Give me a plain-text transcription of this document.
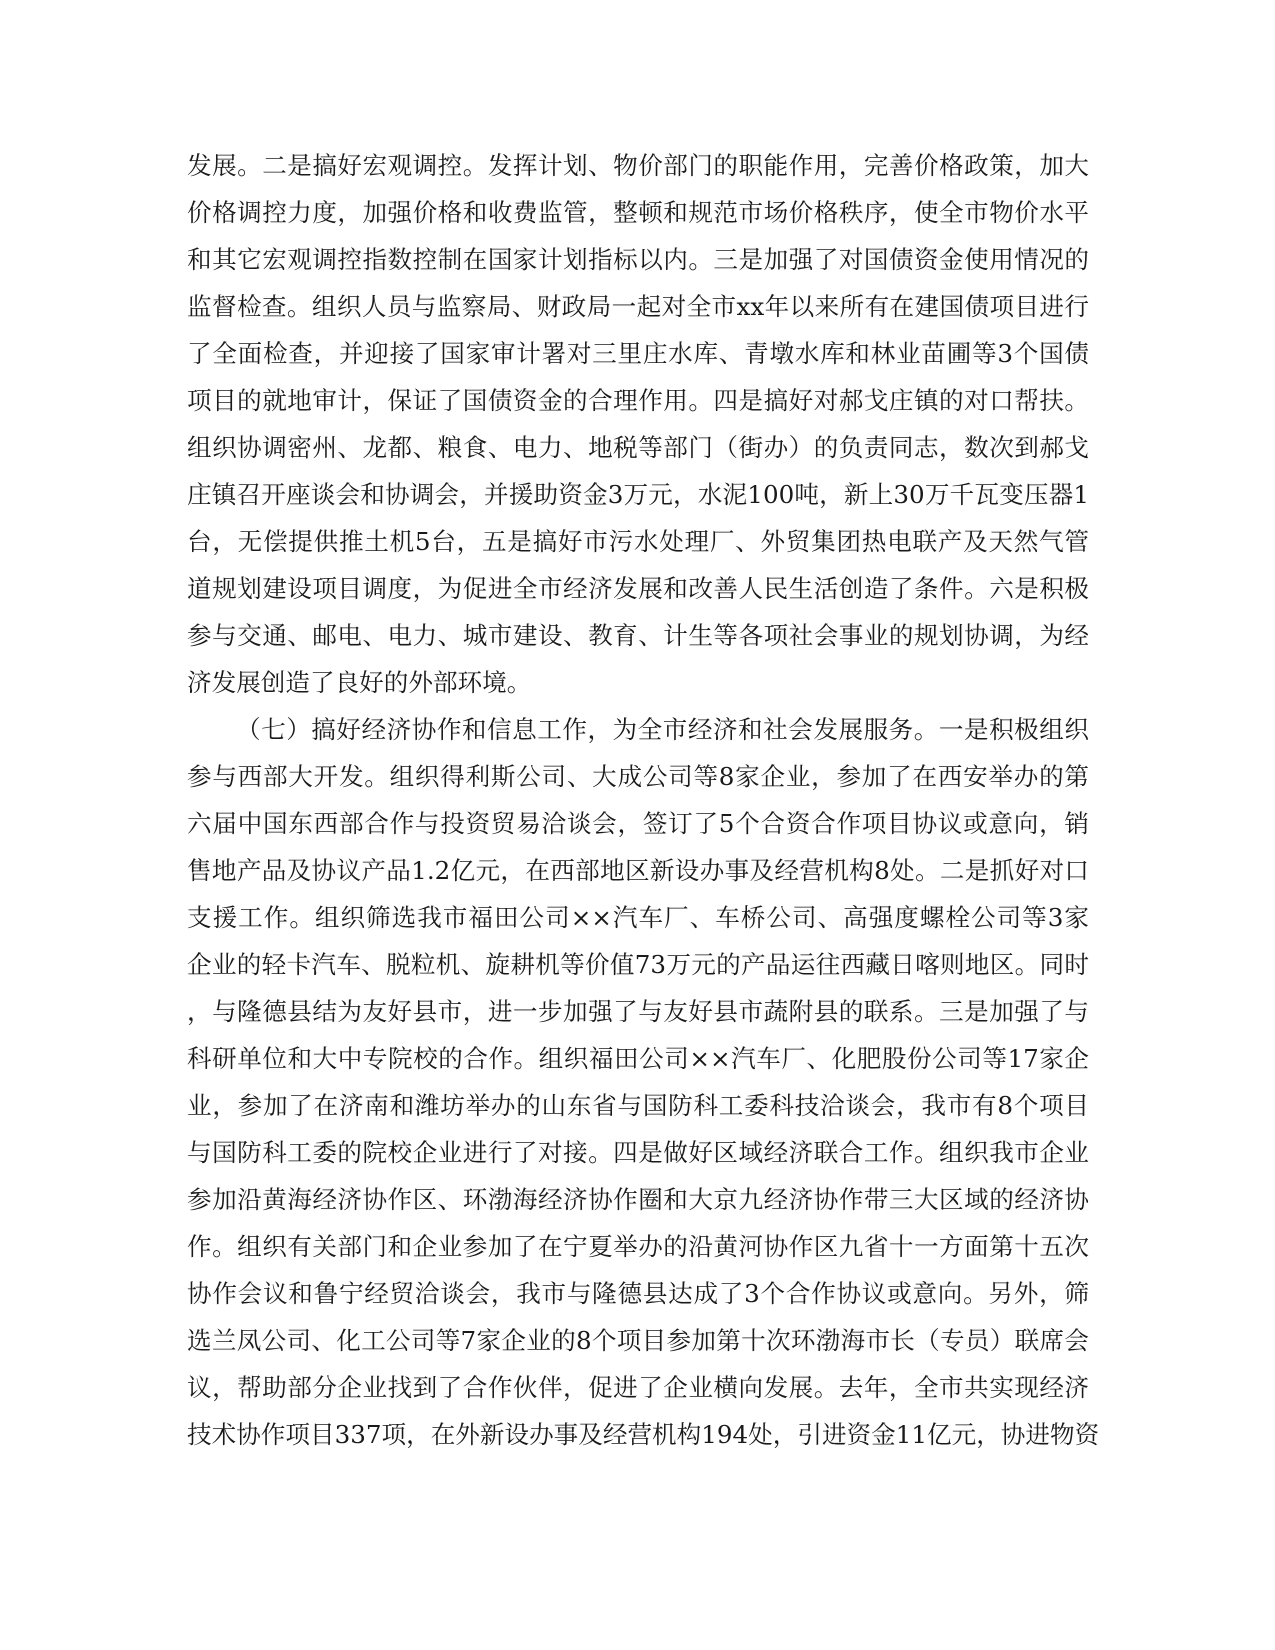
发展。二是搞好宏观调控。发挥计划、物价部门的职能作用，完善价格政策，加大
价格调控力度，加强价格和收费监管，整顿和规范市场价格秩序，使全市物价水平
和其它宏观调控指数控制在国家计划指标以内。三是加强了对国债资金使用情况的
监督检查。组织人员与监察局、财政局一起对全市xx年以来所有在建国债项目进行
了全面检查，并迎接了国家审计署对三里庄水库、青墩水库和林业苗圃等3个国债
项目的就地审计，保证了国债资金的合理作用。四是搞好对郝戈庄镇的对口帮扶。
组织协调密州、龙都、粮食、电力、地税等部门（街办）的负责同志，数次到郝戈
庄镇召开座谈会和协调会，并援助资金3万元，水泥100吨，新上30万千瓦变压器1
台，无偿提供推土机5台，五是搞好市污水处理厂、外贸集团热电联产及天然气管
道规划建设项目调度，为促进全市经济发展和改善人民生活创造了条件。六是积极
参与交通、邮电、电力、城市建设、教育、计生等各项社会事业的规划协调，为经
济发展创造了良好的外部环境。
（七）搞好经济协作和信息工作，为全市经济和社会发展服务。一是积极组织
参与西部大开发。组织得利斯公司、大成公司等8家企业，参加了在西安举办的第
六届中国东西部合作与投资贸易洽谈会，签订了5个合资合作项目协议或意向，销
售地产品及协议产品1.2亿元，在西部地区新设办事及经营机构8处。二是抓好对口
支援工作。组织筛选我市福田公司××汽车厂、车桥公司、高强度螺栓公司等3家
企业的轻卡汽车、脱粒机、旋耕机等价值73万元的产品运往西藏日喀则地区。同时
，与隆德县结为友好县市，进一步加强了与友好县市蔬附县的联系。三是加强了与
科研单位和大中专院校的合作。组织福田公司××汽车厂、化肥股份公司等17家企
业，参加了在济南和潍坊举办的山东省与国防科工委科技洽谈会，我市有8个项目
与国防科工委的院校企业进行了对接。四是做好区域经济联合工作。组织我市企业
参加沿黄海经济协作区、环渤海经济协作圈和大京九经济协作带三大区域的经济协
作。组织有关部门和企业参加了在宁夏举办的沿黄河协作区九省十一方面第十五次
协作会议和鲁宁经贸洽谈会，我市与隆德县达成了3个合作协议或意向。另外，筛
选兰凤公司、化工公司等7家企业的8个项目参加第十次环渤海市长（专员）联席会
议，帮助部分企业找到了合作伙伴，促进了企业横向发展。去年，全市共实现经济
技术协作项目337项，在外新设办事及经营机构194处，引进资金11亿元，协进物资
